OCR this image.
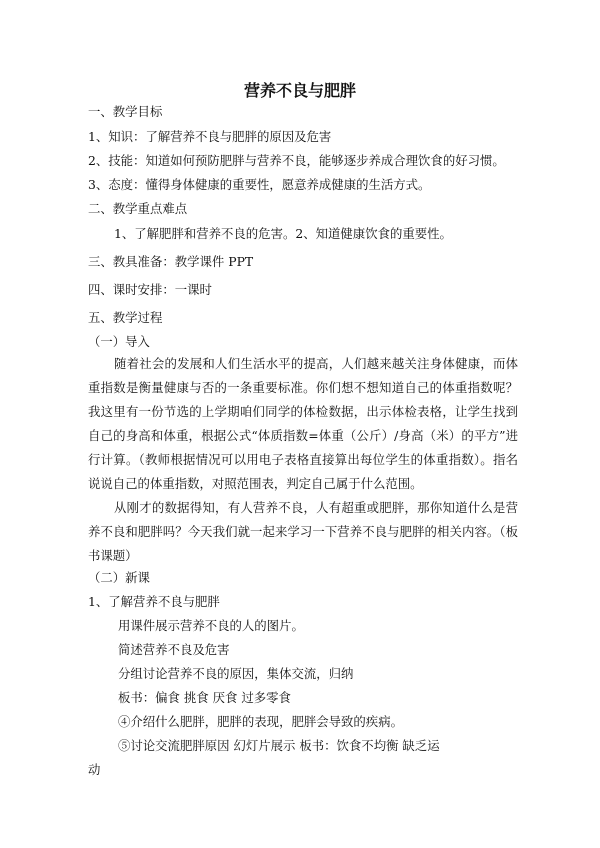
营养不良与肥胖
一、教学目标
1、知识：了解营养不良与肥胖的原因及危害
2、技能：知道如何预防肥胖与营养不良，能够逐步养成合理饮食的好习惯。
3、态度：懂得身体健康的重要性，愿意养成健康的生活方式。
二、教学重点难点
1、了解肥胖和营养不良的危害。2、知道健康饮食的重要性。
三、教具准备：教学课件 PPT
四、课时安排：一课时
五、教学过程
（一）导入

随着社会的发展和人们生活水平的提高，人们越来越关注身体健康，而体重指数是衡量健康与否的一条重要标准。你们想不想知道自己的体重指数呢？我这里有一份节选的上学期咱们同学的体检数据，出示体检表格，让学生找到自己的身高和体重，根据公式“体质指数=体重（公斤）/身高（米）的平方”进行计算。（教师根据情况可以用电子表格直接算出每位学生的体重指数）。指名说说自己的体重指数，对照范围表，判定自己属于什么范围。

从刚才的数据得知，有人营养不良，人有超重或肥胖，那你知道什么是营养不良和肥胖吗？今天我们就一起来学习一下营养不良与肥胖的相关内容。（板书课题）

（二）新课
1、了解营养不良与肥胖
用课件展示营养不良的人的图片。
简述营养不良及危害
分组讨论营养不良的原因，集体交流，归纳
板书：偏食 挑食 厌食 过多零食
④介绍什么肥胖，肥胖的表现，肥胖会导致的疾病。
⑤讨论交流肥胖原因 幻灯片展示 板书：饮食不均衡 缺乏运
动
